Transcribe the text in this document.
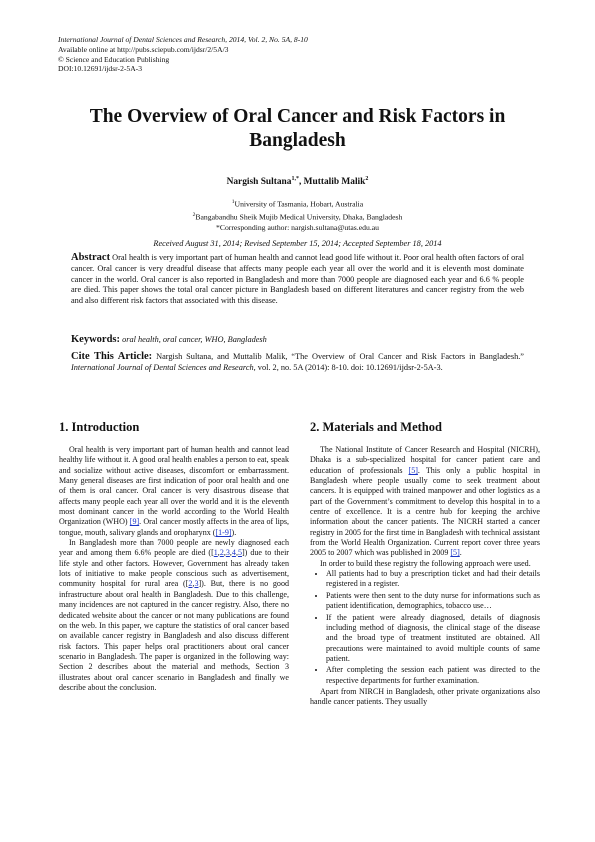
International Journal of Dental Sciences and Research, 2014, Vol. 2, No. 5A, 8-10
Available online at http://pubs.sciepub.com/ijdsr/2/5A/3
© Science and Education Publishing
DOI:10.12691/ijdsr-2-5A-3
The Overview of Oral Cancer and Risk Factors in
Bangladesh
Nargish Sultana$^{1,*}$, Muttalib Malik$^2$
$^1$University of Tasmania, Hobart, Australia
$^2$Bangabandhu Sheik Mujib Medical University, Dhaka, Bangladesh
*Corresponding author: nargish.sultana@utas.edu.au
Received August 31, 2014; Revised September 15, 2014; Accepted September 18, 2014
Abstract Oral health is very important part of human health and cannot lead good life without it. Poor oral health often factors of oral cancer. Oral cancer is very dreadful disease that affects many people each year all over the world and it is eleventh most dominate cancer in the world. Oral cancer is also reported in Bangladesh and more than 7000 people are diagnosed each year and 6.6 % people are died. This paper shows the total oral cancer picture in Bangladesh based on different literatures and cancer registry from the web and also different risk factors that associated with this disease.
Keywords: oral health, oral cancer, WHO, Bangladesh
Cite This Article: Nargish Sultana, and Muttalib Malik, “The Overview of Oral Cancer and Risk Factors in Bangladesh.” International Journal of Dental Sciences and Research, vol. 2, no. 5A (2014): 8-10. doi: 10.12691/ijdsr-2-5A-3.
1. Introduction

Oral health is very important part of human health and cannot lead healthy life without it. A good oral health enables a person to eat, speak and socialize without active diseases, discomfort or embarrassment. Many general diseases are first indication of poor oral health and one of them is oral cancer. Oral cancer is very disastrous disease that affects many people each year all over the world and it is the eleventh most dominant cancer in the world according to the World Health Organization (WHO) [9]. Oral cancer mostly affects in the area of lips, tongue, mouth, salivary glands and oropharynx ([1-9]).

In Bangladesh more than 7000 people are newly diagnosed each year and among them 6.6% people are died ([1,2,3,4,5]) due to their life style and other factors. However, Government has already taken lots of initiative to make people conscious such as advertisement, community hospital for rural area ([2,3]). But, there is no good infrastructure about oral health in Bangladesh. Due to this challenge, many incidences are not captured in the cancer registry. Also, there no dedicated website about the cancer or not many publications are found on the web. In this paper, we capture the statistics of oral cancer based on available cancer registry in Bangladesh and also discuss different risk factors. This paper helps oral practitioners about oral cancer scenario in Bangladesh. The paper is organized in the following way: Section 2 describes about the material and methods, Section 3 illustrates about oral cancer scenario in Bangladesh and finally we describe about the conclusion.

2. Materials and Method

The National Institute of Cancer Research and Hospital (NICRH), Dhaka is a sub-specialized hospital for cancer patient care and education of professionals [5]. This only a public hospital in Bangladesh where people usually come to seek treatment about cancers. It is equipped with trained manpower and other logistics as a part of the Government’s commitment to develop this hospital in to a centre of excellence. It is a centre hub for keeping the archive information about the cancer patients. The NICRH started a cancer registry in 2005 for the first time in Bangladesh with technical assistant from the World Health Organization. Current report cover three years 2005 to 2007 which was published in 2009 [5].

In order to build these registry the following approach were used.

• All patients had to buy a prescription ticket and had their details registered in a register.
• Patients were then sent to the duty nurse for informations such as patient identification, demographics, tobacco use…
• If the patient were already diagnosed, details of diagnosis including method of diagnosis, the clinical stage of the disease and the broad type of treatment instituted are obtained. All precautions were maintained to avoid multiple counts of same patient.
• After completing the session each patient was directed to the respective departments for further examination.

Apart from NIRCH in Bangladesh, other private organizations also handle cancer patients. They usually
